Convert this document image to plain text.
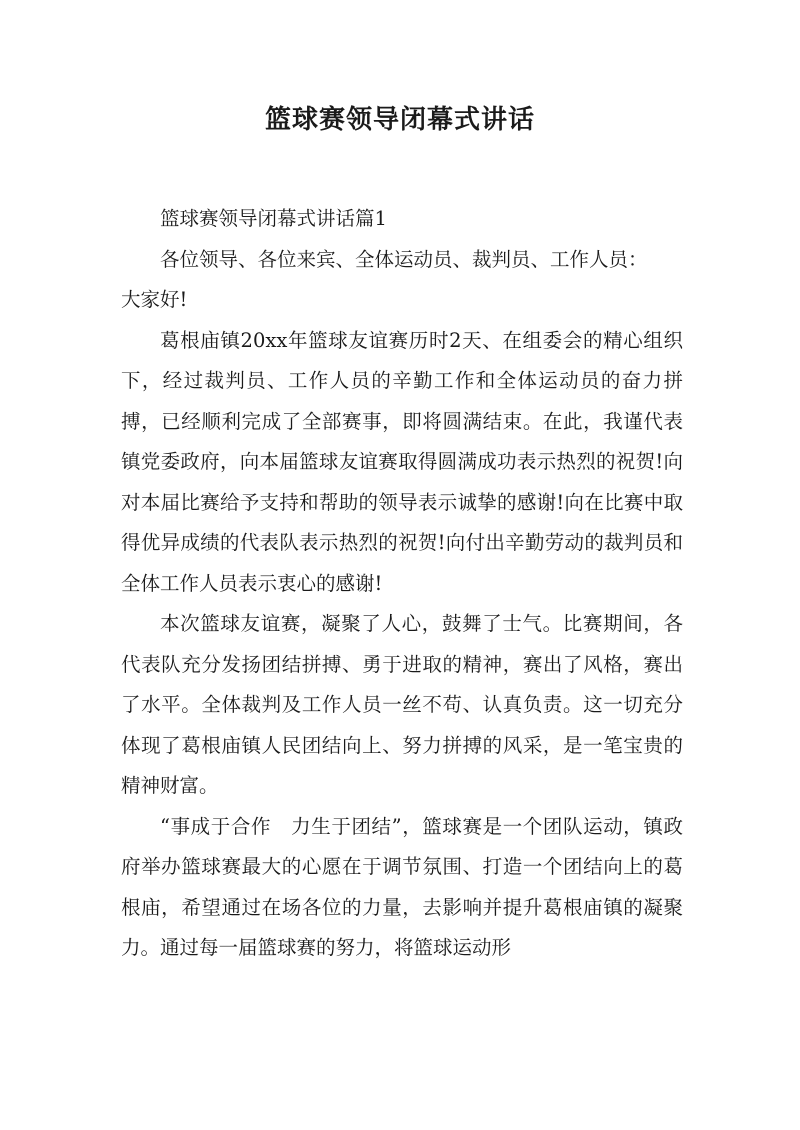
篮球赛领导闭幕式讲话

篮球赛领导闭幕式讲话篇1

各位领导、各位来宾、全体运动员、裁判员、工作人员：

大家好!

葛根庙镇20xx年篮球友谊赛历时2天、在组委会的精心组织下，经过裁判员、工作人员的辛勤工作和全体运动员的奋力拼搏，已经顺利完成了全部赛事，即将圆满结束。在此，我谨代表镇党委政府，向本届篮球友谊赛取得圆满成功表示热烈的祝贺!向对本届比赛给予支持和帮助的领导表示诚挚的感谢!向在比赛中取得优异成绩的代表队表示热烈的祝贺!向付出辛勤劳动的裁判员和全体工作人员表示衷心的感谢!

本次篮球友谊赛，凝聚了人心，鼓舞了士气。比赛期间，各代表队充分发扬团结拼搏、勇于进取的精神，赛出了风格，赛出了水平。全体裁判及工作人员一丝不苟、认真负责。这一切充分体现了葛根庙镇人民团结向上、努力拼搏的风采，是一笔宝贵的精神财富。

“事成于合作　力生于团结”，篮球赛是一个团队运动，镇政府举办篮球赛最大的心愿在于调节氛围、打造一个团结向上的葛根庙，希望通过在场各位的力量，去影响并提升葛根庙镇的凝聚力。通过每一届篮球赛的努力，将篮球运动形
